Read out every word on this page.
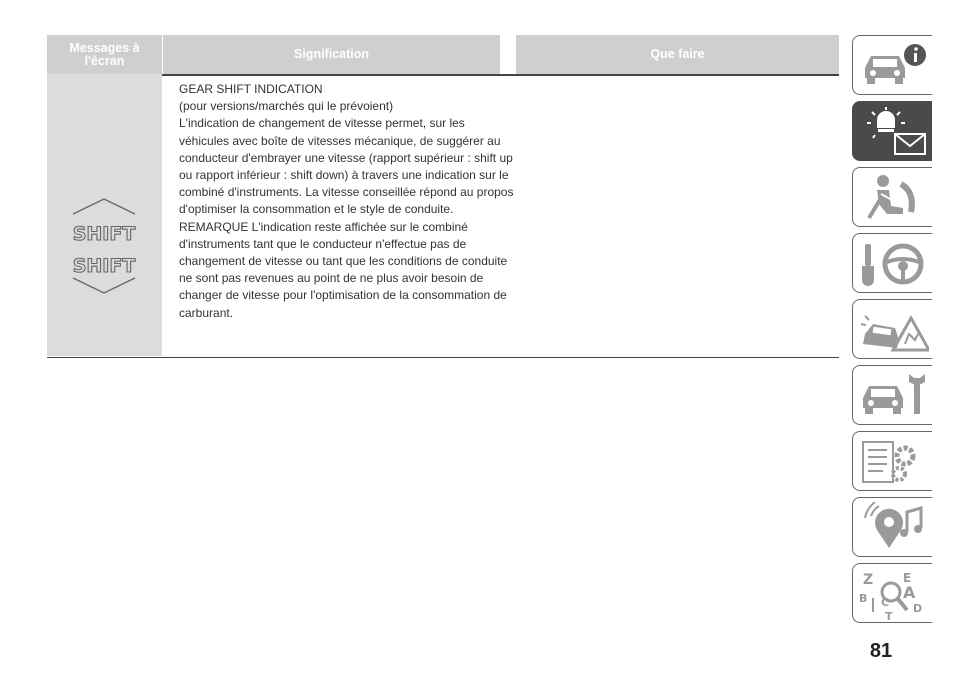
Messages à
l'écran	Signification	Que faire
SHIFT
SHIFT

GEAR SHIFT INDICATION

(pour versions/marchés qui le prévoient)

L'indication de changement de vitesse permet, sur les véhicules avec boîte de vitesses mécanique, de suggérer au conducteur d'embrayer une vitesse (rapport supérieur : shift up ou rapport inférieur : shift down) à travers une indication sur le combiné d'instruments. La vitesse conseillée répond au propos d'optimiser la consommation et le style de conduite.

REMARQUE L'indication reste affichée sur le combiné d'instruments tant que le conducteur n'effectue pas de changement de vitesse ou tant que les conditions de conduite ne sont pas revenues au point de ne plus avoir besoin de changer de vitesse pour l'optimisation de la consommation de carburant.

Z E
B A
C D
T
81
